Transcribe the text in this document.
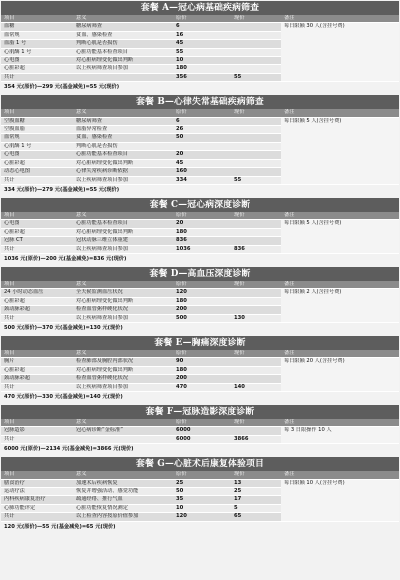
套餐 A—冠心病基础疾病筛查
项目	意义	原价	现价	备注
血糖	糖尿病筛查	6		每日限额 30 人(含挂号费)
血常规	贫血、感染检查	16		
血脂 1 号	判断心肌是否损伤	45		
心肌酶 1 号	心脏功能基本检查项目	55		
心电图	对心脏病理变化做出判断	10		
心脏彩超	以上疾病筛查项目参加	180		
共计		356	55	
354 元(原价)—299 元(基金减免)=55 元(现价)
套餐 B—心律失常基础疾病筛查
项目	意义	原价	现价	备注
空腹血糖	糖尿病筛查	6		每日限额 5 人(含挂号费)
空腹血脂	血脂异常检查	26		
血常规	贫血、感染检查	50		
心肌酶 1 号	判断心肌是否损伤			
心电图	心脏功能基本检查项目	20		
心脏彩超	对心脏病理变化做出判断	45		
动态心电图	心律失常疾病诊断依据	160		
共计	以上疾病筛查项目参加	334	55	
334 元(原价)—279 元(基金减免)=55 元(现价)
套餐 C—冠心病深度诊断
项目	意义	原价	现价	备注
心电图	心脏功能基本检查项目	20		每日限额 5 人(含挂号费)
心脏彩超	对心脏病理变化做出判断	180		
冠脉 CT	冠状动脉三维立体重建	836		
共计	以上疾病筛查项目参加	1036	836	
1036 元(原价)—200 元(基金减免)=836 元(现价)
套餐 D—高血压深度诊断
项目	意义	原价	现价	备注
24 小时动态血压	全天候监测血压状况	120		每日限额 2 人(含挂号费)
心脏彩超	对心脏病理变化做出判断	180		
颈动脉彩超	检查血管粥样硬化状况	200		
共计	以上疾病筛查项目参加	500	130	
500 元(原价)—370 元(基金减免)=130 元(现价)
套餐 E—胸痛深度诊断
项目	意义	原价	现价	备注
胸片	检查肺部及胸腔内部状况	90		每日限额 20 人(含挂号费)
心脏彩超	对心脏病理变化做出判断	180		
颈动脉彩超	检查血管粥样硬化状况	200		
共计	以上疾病筛查项目参加	470	140	
470 元(原价)—330 元(基金减免)=140 元(现价)
套餐 F—冠脉造影深度诊断
项目	意义	原价	现价	备注
冠脉造影	冠心病诊断“金标准”	6000		每 3 日限操作 10 人
共计		6000	3866	
6000 元(原价)—2134 元(基金减免)=3866 元(现价)
套餐 G—心脏术后康复体验项目
项目	意义	原价	现价	备注
膳食治疗	加速术后疾病恢复	25	13	每日限额 10 人(含挂号费)
运动疗法	恢复并增强活动、感觉功能	50	25	
内科疾病康复治疗	疏通经络、推行气血	35	17	
心肺功能评定	心脏功能恢复情况测定	10	5	
共计	以上检查内容按原价值参加	120	65	
120 元(原价)—55 元(基金减免)=65 元(现价)
